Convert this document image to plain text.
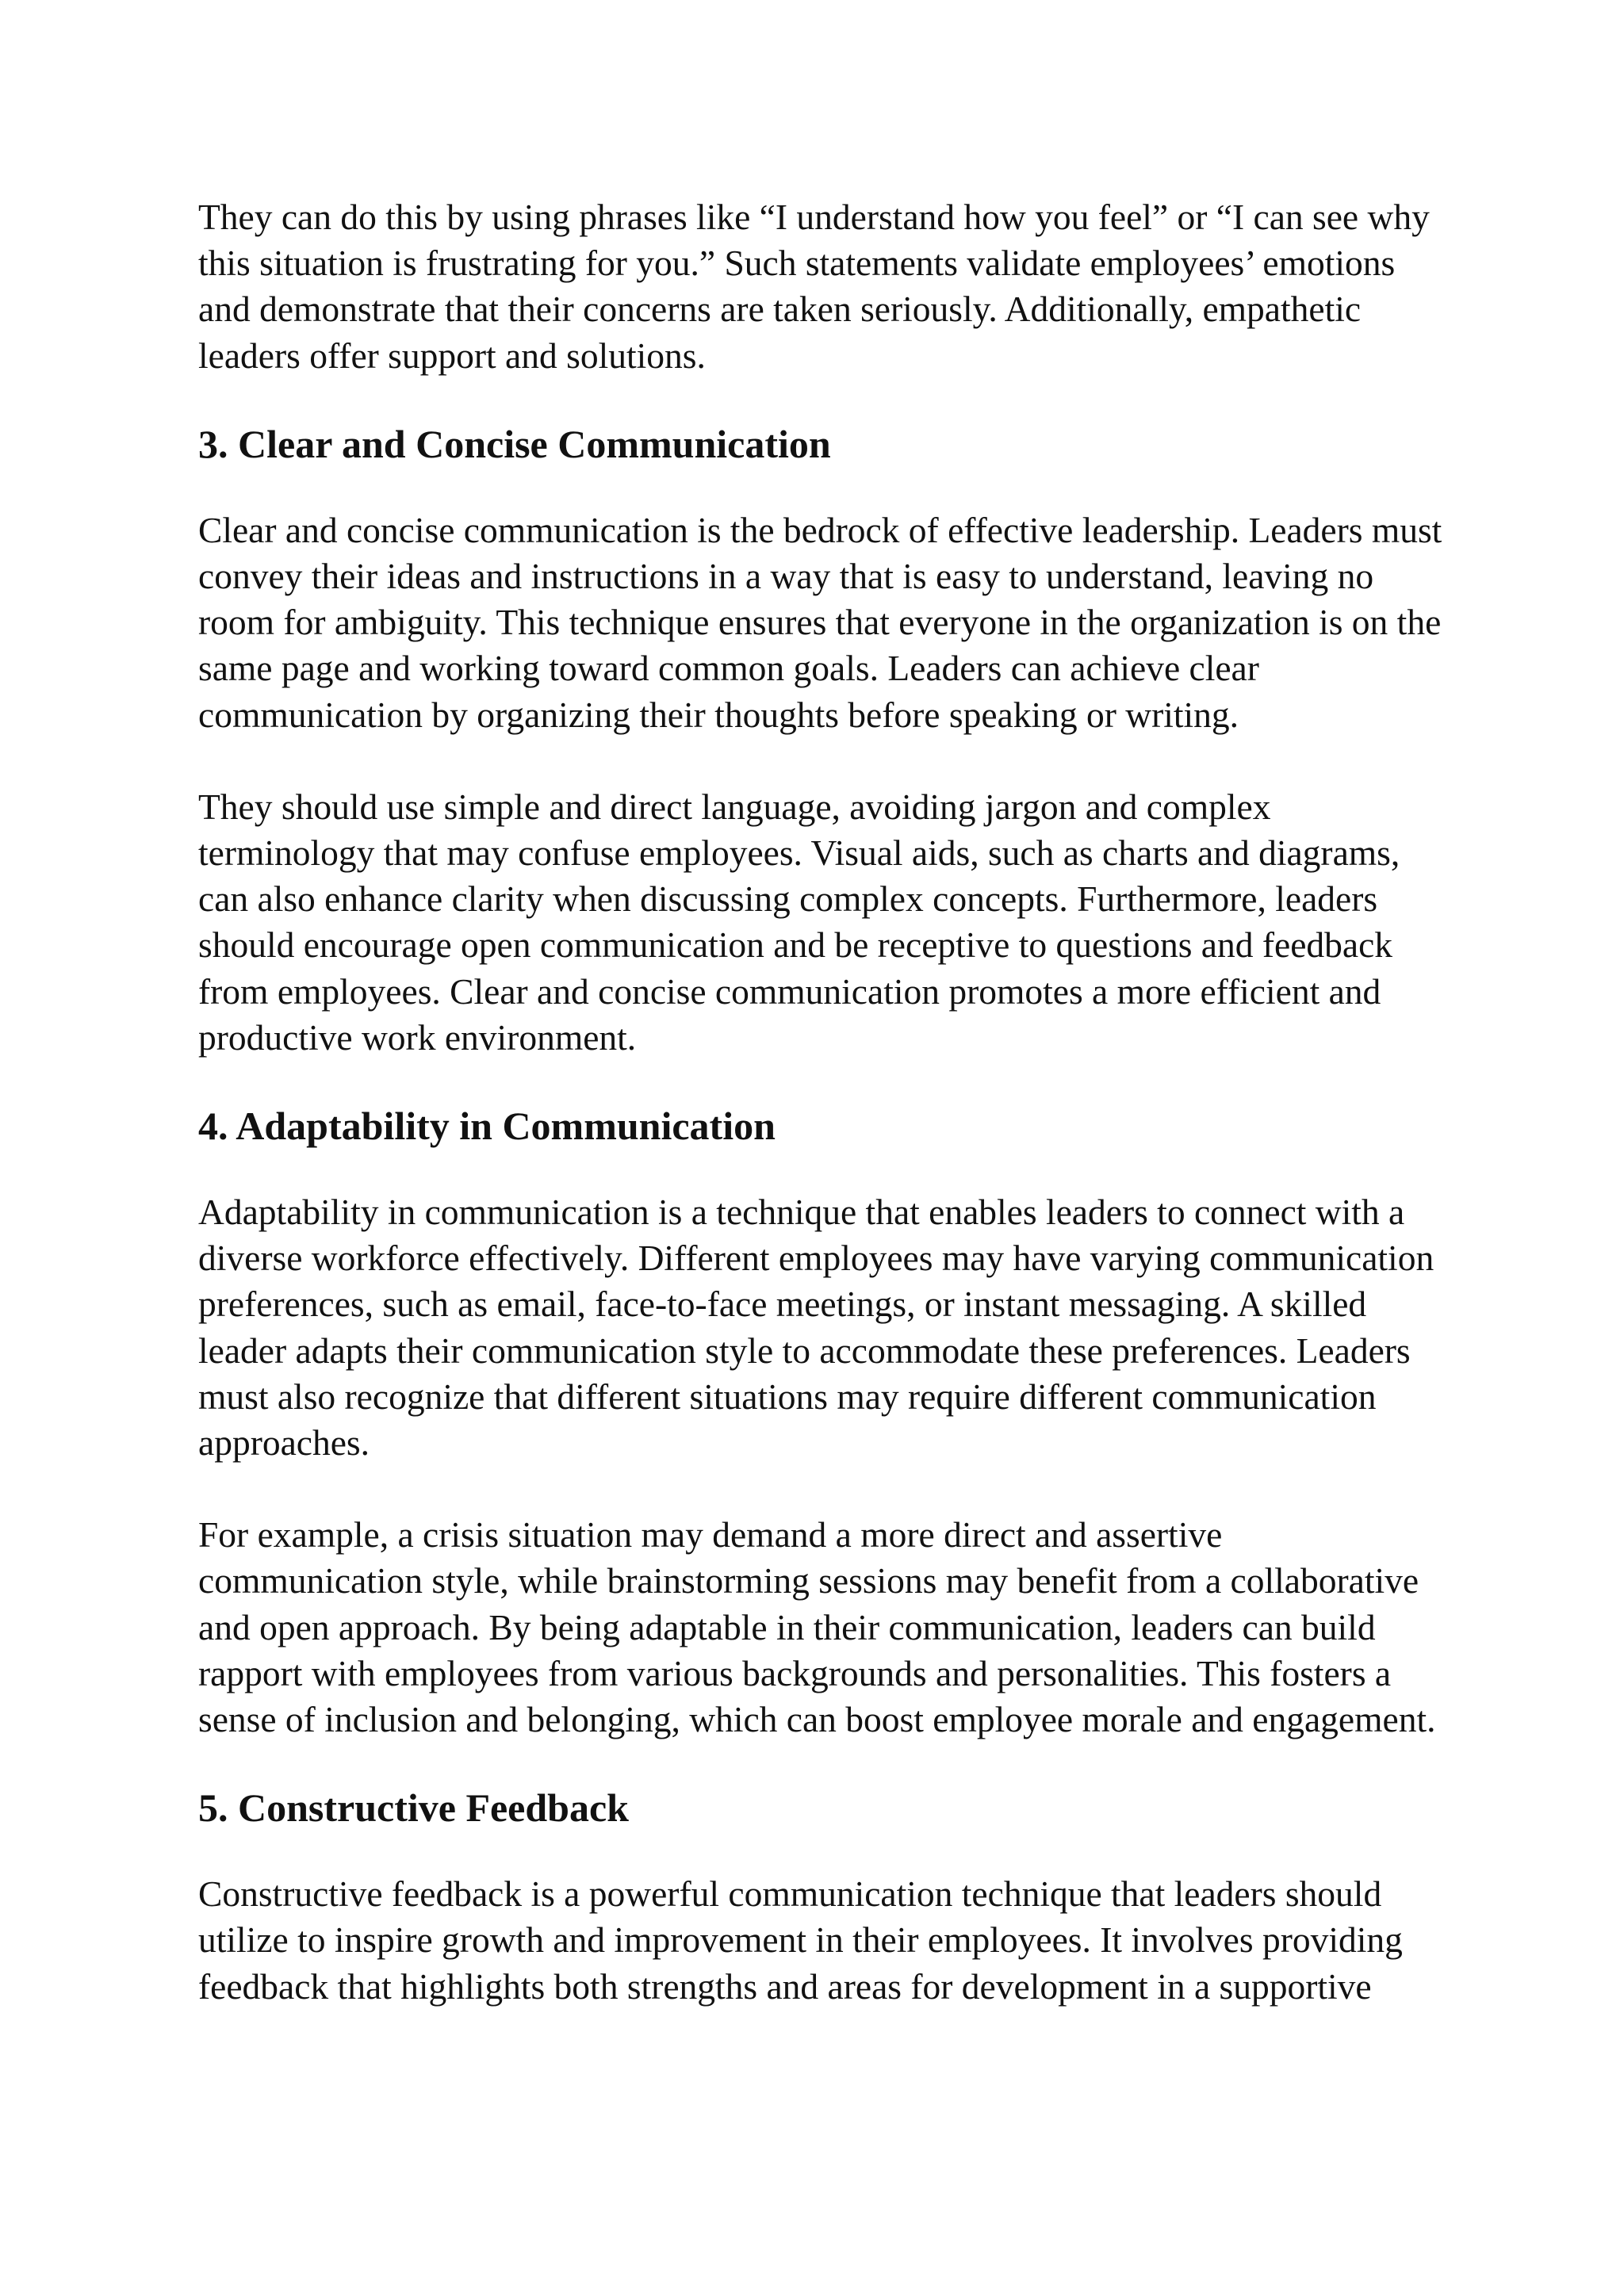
They can do this by using phrases like “I understand how you feel” or “I can see why this situation is frustrating for you.” Such statements validate employees’ emotions and demonstrate that their concerns are taken seriously. Additionally, empathetic leaders offer support and solutions.

3. Clear and Concise Communication

Clear and concise communication is the bedrock of effective leadership. Leaders must convey their ideas and instructions in a way that is easy to understand, leaving no room for ambiguity. This technique ensures that everyone in the organization is on the same page and working toward common goals. Leaders can achieve clear communication by organizing their thoughts before speaking or writing.

They should use simple and direct language, avoiding jargon and complex terminology that may confuse employees. Visual aids, such as charts and diagrams, can also enhance clarity when discussing complex concepts. Furthermore, leaders should encourage open communication and be receptive to questions and feedback from employees. Clear and concise communication promotes a more efficient and productive work environment.

4. Adaptability in Communication

Adaptability in communication is a technique that enables leaders to connect with a diverse workforce effectively. Different employees may have varying communication preferences, such as email, face-to-face meetings, or instant messaging. A skilled leader adapts their communication style to accommodate these preferences. Leaders must also recognize that different situations may require different communication approaches.

For example, a crisis situation may demand a more direct and assertive communication style, while brainstorming sessions may benefit from a collaborative and open approach. By being adaptable in their communication, leaders can build rapport with employees from various backgrounds and personalities. This fosters a sense of inclusion and belonging, which can boost employee morale and engagement.

5. Constructive Feedback

Constructive feedback is a powerful communication technique that leaders should utilize to inspire growth and improvement in their employees. It involves providing feedback that highlights both strengths and areas for development in a supportive
